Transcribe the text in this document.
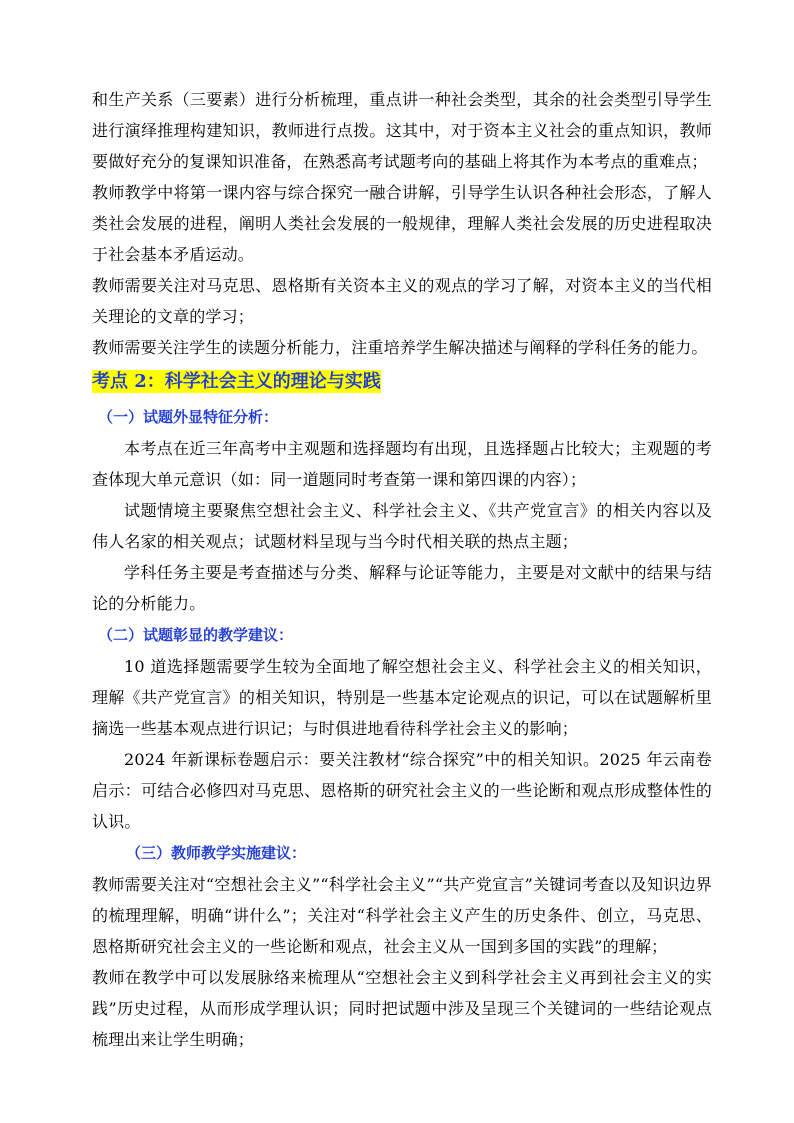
和生产关系（三要素）进行分析梳理，重点讲一种社会类型，其余的社会类型引导学生进行演绎推理构建知识，教师进行点拨。这其中，对于资本主义社会的重点知识，教师要做好充分的复课知识准备，在熟悉高考试题考向的基础上将其作为本考点的重难点；

教师教学中将第一课内容与综合探究一融合讲解，引导学生认识各种社会形态，了解人类社会发展的进程，阐明人类社会发展的一般规律，理解人类社会发展的历史进程取决于社会基本矛盾运动。

教师需要关注对马克思、恩格斯有关资本主义的观点的学习了解，对资本主义的当代相关理论的文章的学习；

教师需要关注学生的读题分析能力，注重培养学生解决描述与阐释的学科任务的能力。

考点 2：科学社会主义的理论与实践

（一）试题外显特征分析：

本考点在近三年高考中主观题和选择题均有出现，且选择题占比较大；主观题的考查体现大单元意识（如：同一道题同时考查第一课和第四课的内容）；

试题情境主要聚焦空想社会主义、科学社会主义、《共产党宣言》的相关内容以及伟人名家的相关观点；试题材料呈现与当今时代相关联的热点主题；

学科任务主要是考查描述与分类、解释与论证等能力，主要是对文献中的结果与结论的分析能力。

（二）试题彰显的教学建议：

10 道选择题需要学生较为全面地了解空想社会主义、科学社会主义的相关知识，理解《共产党宣言》的相关知识，特别是一些基本定论观点的识记，可以在试题解析里摘选一些基本观点进行识记；与时俱进地看待科学社会主义的影响；

2024 年新课标卷题启示：要关注教材“综合探究”中的相关知识。2025 年云南卷启示：可结合必修四对马克思、恩格斯的研究社会主义的一些论断和观点形成整体性的认识。

（三）教师教学实施建议：

教师需要关注对“空想社会主义”“科学社会主义”“共产党宣言”关键词考查以及知识边界的梳理理解，明确“讲什么”；关注对“科学社会主义产生的历史条件、创立，马克思、恩格斯研究社会主义的一些论断和观点，社会主义从一国到多国的实践”的理解；

教师在教学中可以发展脉络来梳理从“空想社会主义到科学社会主义再到社会主义的实践”历史过程，从而形成学理认识；同时把试题中涉及呈现三个关键词的一些结论观点梳理出来让学生明确；
